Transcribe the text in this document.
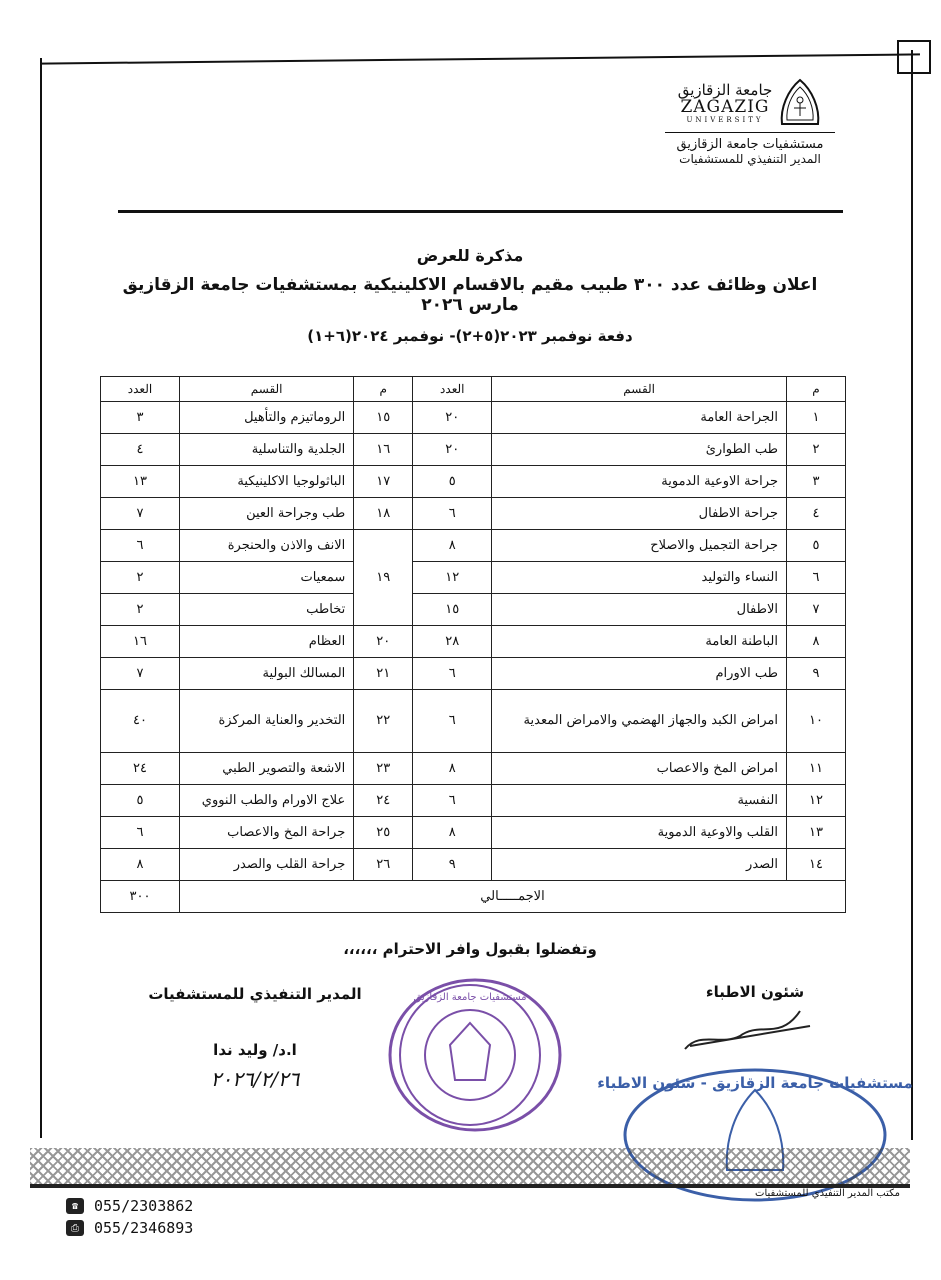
جامعة الزقازيق
ZAGAZIG
UNIVERSITY
مستشفيات جامعة الزقازيق
المدير التنفيذي للمستشفيات
مذكرة للعرض
اعلان وظائف عدد ٣٠٠ طبيب مقيم بالاقسام الاكلينيكية بمستشفيات جامعة الزقازيق مارس ٢٠٢٦
دفعة نوفمبر ٢٠٢٣(٥+٢)- نوفمبر ٢٠٢٤(٦+١)
م	القسم	العدد	م	القسم	العدد
١	الجراحة العامة	٢٠	١٥	الروماتيزم والتأهيل	٣
٢	طب الطوارئ	٢٠	١٦	الجلدية والتناسلية	٤
٣	جراحة الاوعية الدموية	٥	١٧	الباثولوجيا الاكلينيكية	١٣
٤	جراحة الاطفال	٦	١٨	طب وجراحة العين	٧
٥	جراحة التجميل والاصلاح	٨	١٩	الانف والاذن والحنجرة	٦
٦	النساء والتوليد	١٢		سمعيات	٢
٧	الاطفال	١٥		تخاطب	٢
٨	الباطنة العامة	٢٨	٢٠	العظام	١٦
٩	طب الاورام	٦	٢١	المسالك البولية	٧
١٠	امراض الكبد والجهاز الهضمي والامراض المعدية	٦	٢٢	التخدير والعناية المركزة	٤٠
١١	امراض المخ والاعصاب	٨	٢٣	الاشعة والتصوير الطبي	٢٤
١٢	النفسية	٦	٢٤	علاج الاورام والطب النووي	٥
١٣	القلب والاوعية الدموية	٨	٢٥	جراحة المخ والاعصاب	٦
١٤	الصدر	٩	٢٦	جراحة القلب والصدر	٨
الاجمـــــالي					٣٠٠
وتفضلوا بقبول وافر الاحترام ،،،،،،
المدير التنفيذي للمستشفيات
ا.د/ وليد ندا
٢٠٢٦/٢/٢٦
مستشفيات جامعة الزقازيق	شئون الاطباء
مستشفيات جامعة الزقازيق - شئون الاطباء
☎	055/2303862
⎙	055/2346893
مكتب المدير التنفيذي للمستشفيات
